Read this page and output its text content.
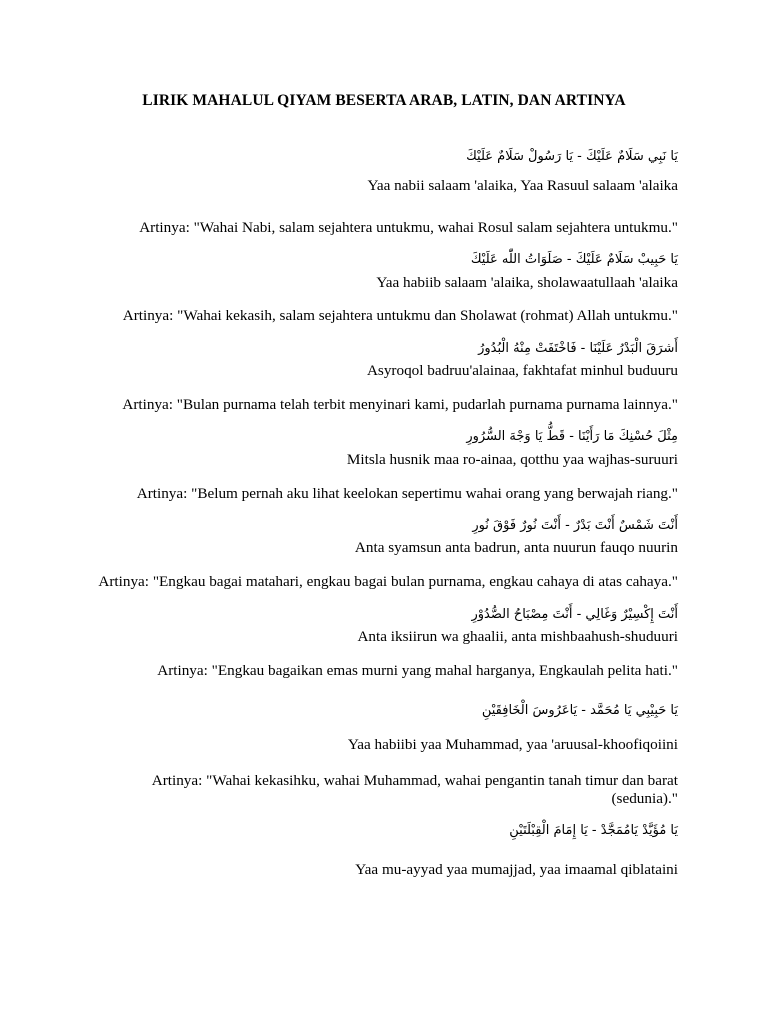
LIRIK MAHALUL QIYAM BESERTA ARAB, LATIN, DAN ARTINYA
يَا نَبِي سَلَامٌ عَلَيْكَ - يَا رَسُولْ سَلَامٌ عَلَيْكَ
Yaa nabii salaam 'alaika, Yaa Rasuul salaam 'alaika
Artinya: "Wahai Nabi, salam sejahtera untukmu, wahai Rosul salam sejahtera untukmu."
يَا حَبِيبْ سَلَامٌ عَلَيْكَ - صَلَوَاتُ اللّٰه عَلَيْكَ
Yaa habiib salaam 'alaika, sholawaatullaah 'alaika
Artinya: "Wahai kekasih, salam sejahtera untukmu dan Sholawat (rohmat) Allah untukmu."
أَشرَقَ الْبَدْرُ عَلَيْنَا - فَاخْتَفَتْ مِنْهُ الْبُدُورُ
Asyroqol badruu'alainaa, fakhtafat minhul buduuru
Artinya: "Bulan purnama telah terbit menyinari kami, pudarlah purnama purnama lainnya."
مِثْلَ حُسْنِكَ مَا رَأَيْنَا - قَطُّ يَا وَجْهَ السُّرُورِ
Mitsla husnik maa ro-ainaa, qotthu yaa wajhas-suruuri
Artinya: "Belum pernah aku lihat keelokan sepertimu wahai orang yang berwajah riang."
أَنْتَ شَمْسٌ أَنْتَ بَدْرٌ - أَنْتَ نُورٌ فَوْقَ نُورِ
Anta syamsun anta badrun, anta nuurun fauqo nuurin
Artinya: "Engkau bagai matahari, engkau bagai bulan purnama, engkau cahaya di atas cahaya."
أَنْتَ إِكْسِيْرٌ وَغَالِي - أَنْتَ مِصْبَاحُ الصُّدُوْرِ
Anta iksiirun wa ghaalii, anta mishbaahush-shuduuri
Artinya: "Engkau bagaikan emas murni yang mahal harganya, Engkaulah pelita hati."
يَا حَبِيْبِي يَا مُحَمَّد - يَاعَرُوسَ الْخَافِقَيْنِ
Yaa habiibi yaa Muhammad, yaa 'aruusal-khoofiqoiini
Artinya: "Wahai kekasihku, wahai Muhammad, wahai pengantin tanah timur dan barat
(sedunia)."
يَا مُؤَيَّدْ يَامُمَجَّدْ - يَا إِمَامَ الْقِبْلَتَيْنِ
Yaa mu-ayyad yaa mumajjad, yaa imaamal qiblataini
